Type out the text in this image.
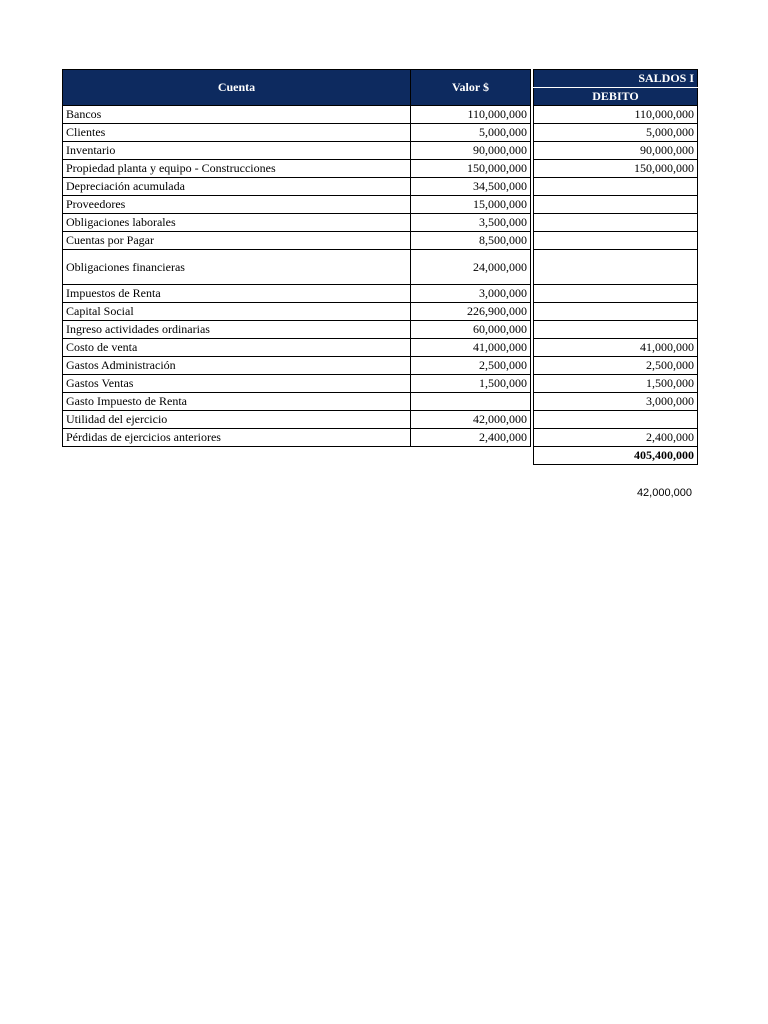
Cuenta	Valor $		SALDOS I
			DEBITO
Bancos	110,000,000		110,000,000
Clientes	5,000,000		5,000,000
Inventario	90,000,000		90,000,000
Propiedad planta y equipo - Construcciones	150,000,000		150,000,000
Depreciación acumulada	34,500,000		
Proveedores	15,000,000		
Obligaciones laborales	3,500,000		
Cuentas por Pagar	8,500,000		
Obligaciones financieras	24,000,000		
Impuestos de Renta	3,000,000		
Capital Social	226,900,000		
Ingreso actividades ordinarias	60,000,000		
Costo de venta	41,000,000		41,000,000
Gastos Administración	2,500,000		2,500,000
Gastos Ventas	1,500,000		1,500,000
Gasto Impuesto de Renta			3,000,000
Utilidad del ejercicio	42,000,000		
Pérdidas de ejercicios anteriores	2,400,000		2,400,000
			405,400,000
42,000,000
